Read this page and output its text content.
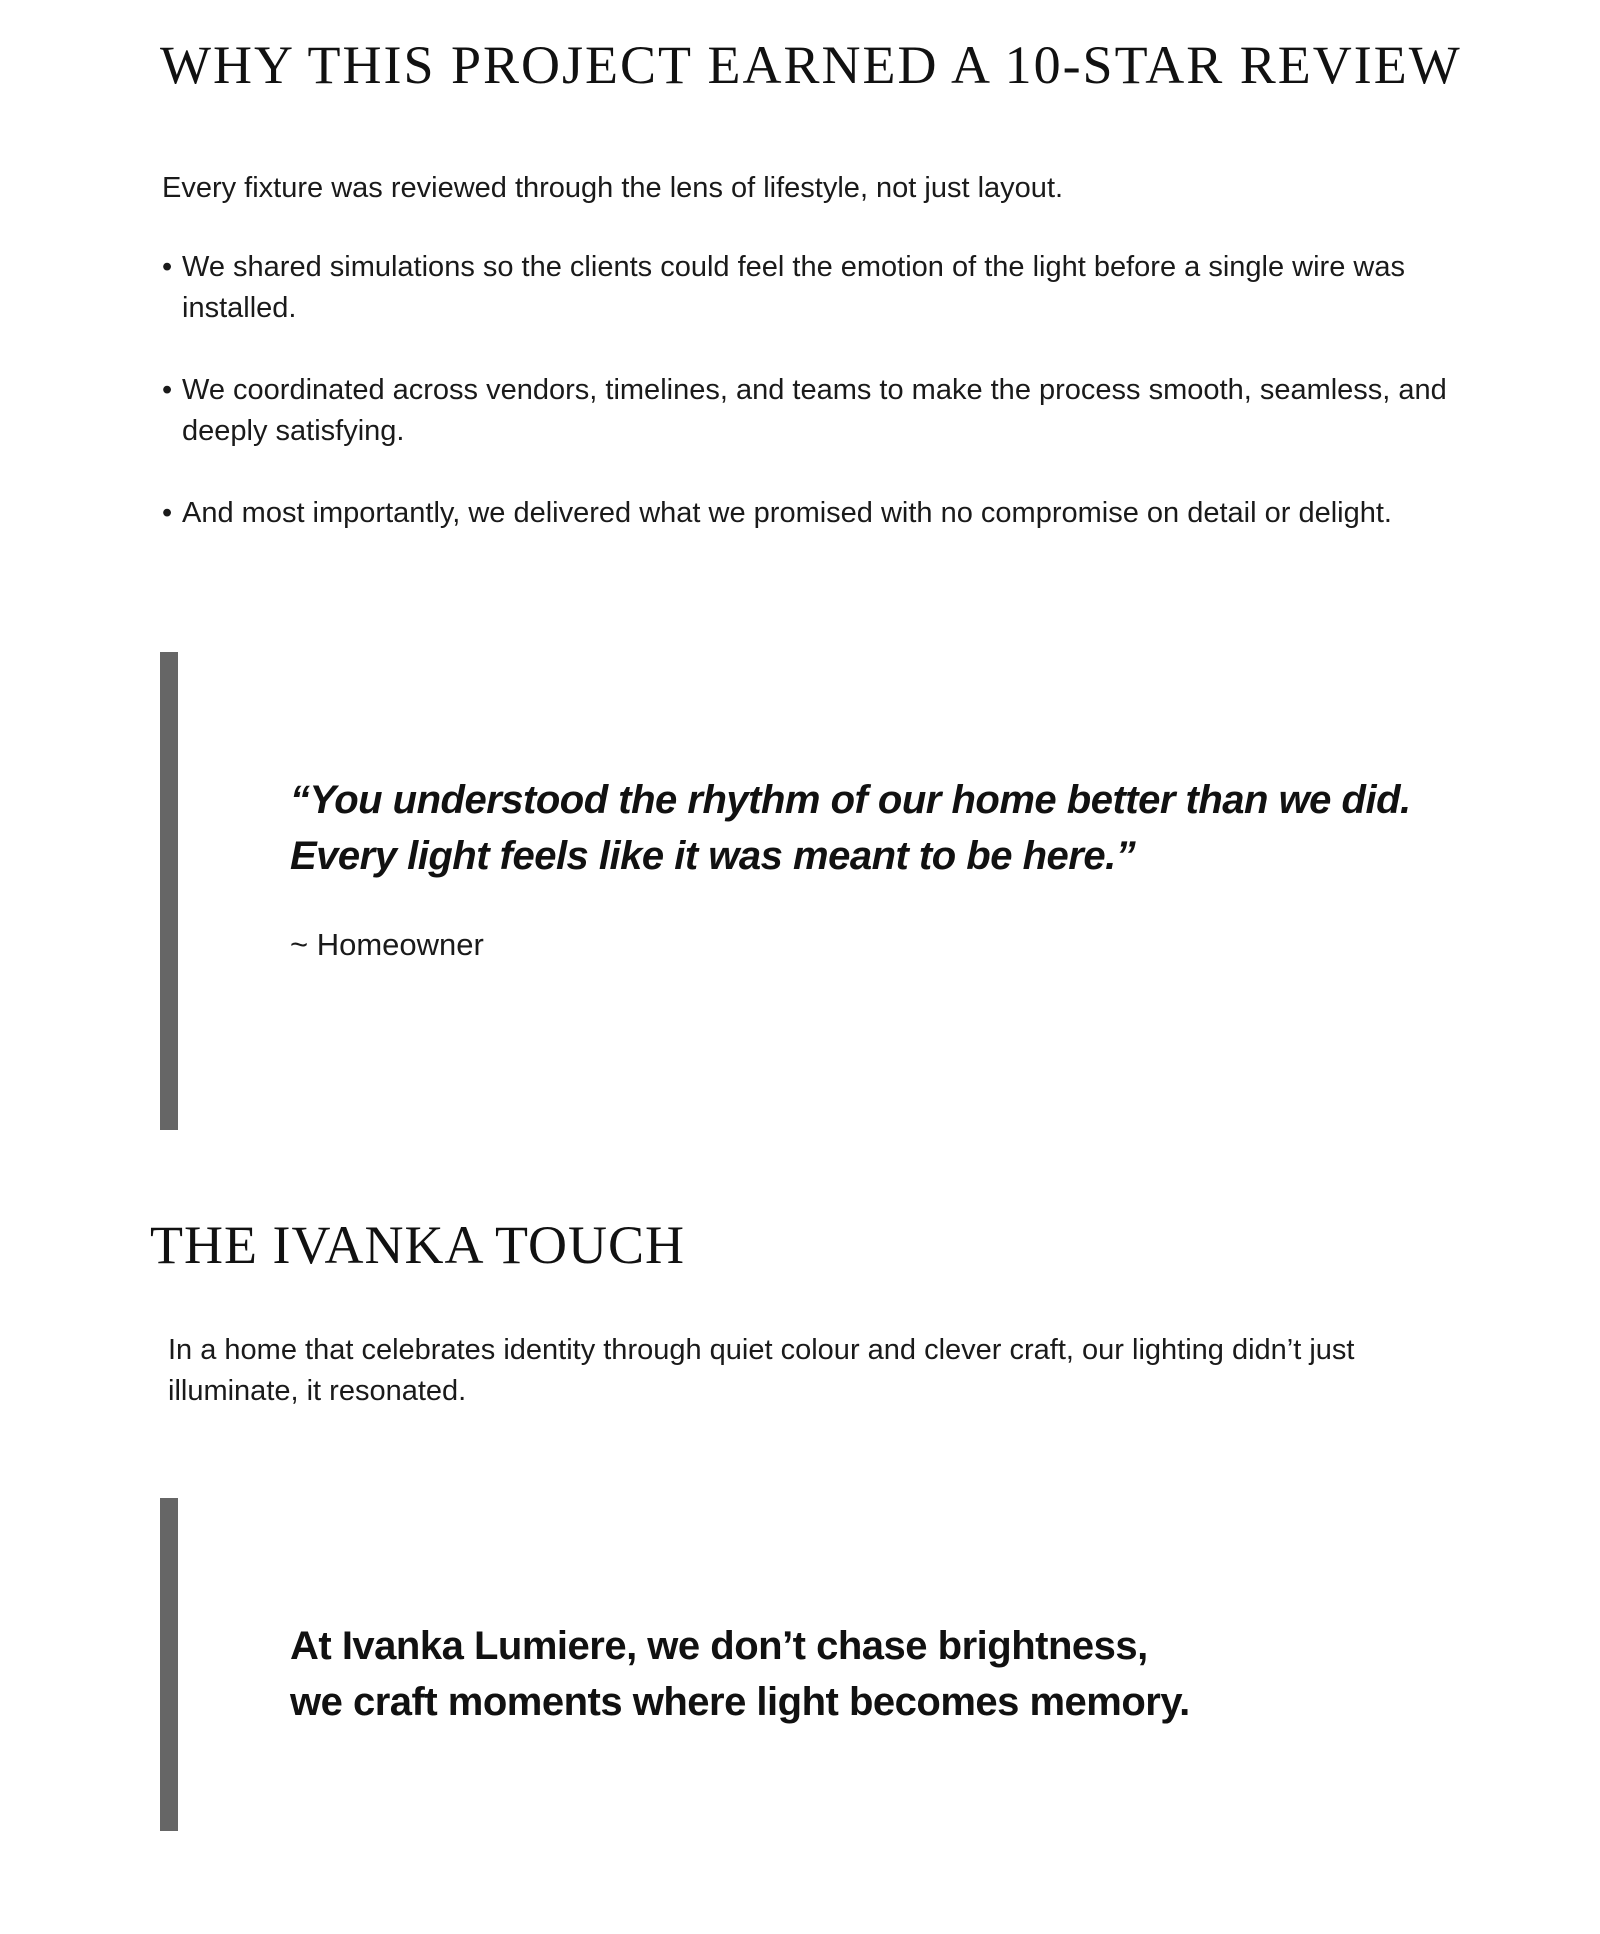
WHY THIS PROJECT EARNED A 10-STAR REVIEW

Every fixture was reviewed through the lens of lifestyle, not just layout.

• We shared simulations so the clients could feel the emotion of the light before a single wire was installed.
• We coordinated across vendors, timelines, and teams to make the process smooth, seamless, and deeply satisfying.
• And most importantly, we delivered what we promised with no compromise on detail or delight.

“You understood the rhythm of our home better than we did.
Every light feels like it was meant to be here.”

~ Homeowner

THE IVANKA TOUCH

In a home that celebrates identity through quiet colour and clever craft, our lighting didn’t just illuminate, it resonated.

At Ivanka Lumiere, we don’t chase brightness,
we craft moments where light becomes memory.
